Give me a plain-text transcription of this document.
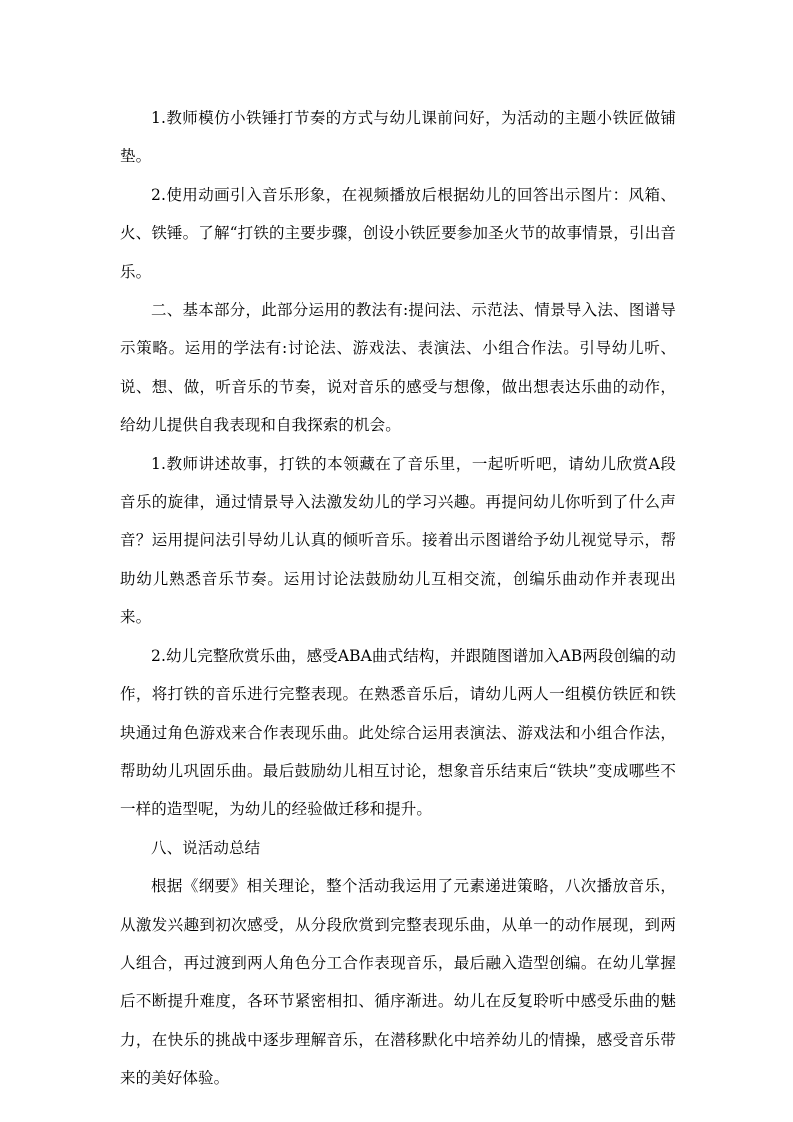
1.教师模仿小铁锤打节奏的方式与幼儿课前问好，为活动的主题小铁匠做铺垫。

2.使用动画引入音乐形象，在视频播放后根据幼儿的回答出示图片：风箱、火、铁锤。了解“打铁的主要步骤，创设小铁匠要参加圣火节的故事情景，引出音乐。

二、基本部分，此部分运用的教法有:提问法、示范法、情景导入法、图谱导示策略。运用的学法有:讨论法、游戏法、表演法、小组合作法。引导幼儿听、说、想、做，听音乐的节奏，说对音乐的感受与想像，做出想表达乐曲的动作，给幼儿提供自我表现和自我探索的机会。

1.教师讲述故事，打铁的本领藏在了音乐里，一起听听吧，请幼儿欣赏A段音乐的旋律，通过情景导入法激发幼儿的学习兴趣。再提问幼儿你听到了什么声音？运用提问法引导幼儿认真的倾听音乐。接着出示图谱给予幼儿视觉导示，帮助幼儿熟悉音乐节奏。运用讨论法鼓励幼儿互相交流，创编乐曲动作并表现出来。

2.幼儿完整欣赏乐曲，感受ABA曲式结构，并跟随图谱加入AB两段创编的动作，将打铁的音乐进行完整表现。在熟悉音乐后，请幼儿两人一组模仿铁匠和铁块通过角色游戏来合作表现乐曲。此处综合运用表演法、游戏法和小组合作法，帮助幼儿巩固乐曲。最后鼓励幼儿相互讨论，想象音乐结束后“铁块”变成哪些不一样的造型呢，为幼儿的经验做迁移和提升。

八、说活动总结

根据《纲要》相关理论，整个活动我运用了元素递进策略，八次播放音乐，从激发兴趣到初次感受，从分段欣赏到完整表现乐曲，从单一的动作展现，到两人组合，再过渡到两人角色分工合作表现音乐，最后融入造型创编。在幼儿掌握后不断提升难度，各环节紧密相扣、循序渐进。幼儿在反复聆听中感受乐曲的魅力，在快乐的挑战中逐步理解音乐，在潜移默化中培养幼儿的情操，感受音乐带来的美好体验。
